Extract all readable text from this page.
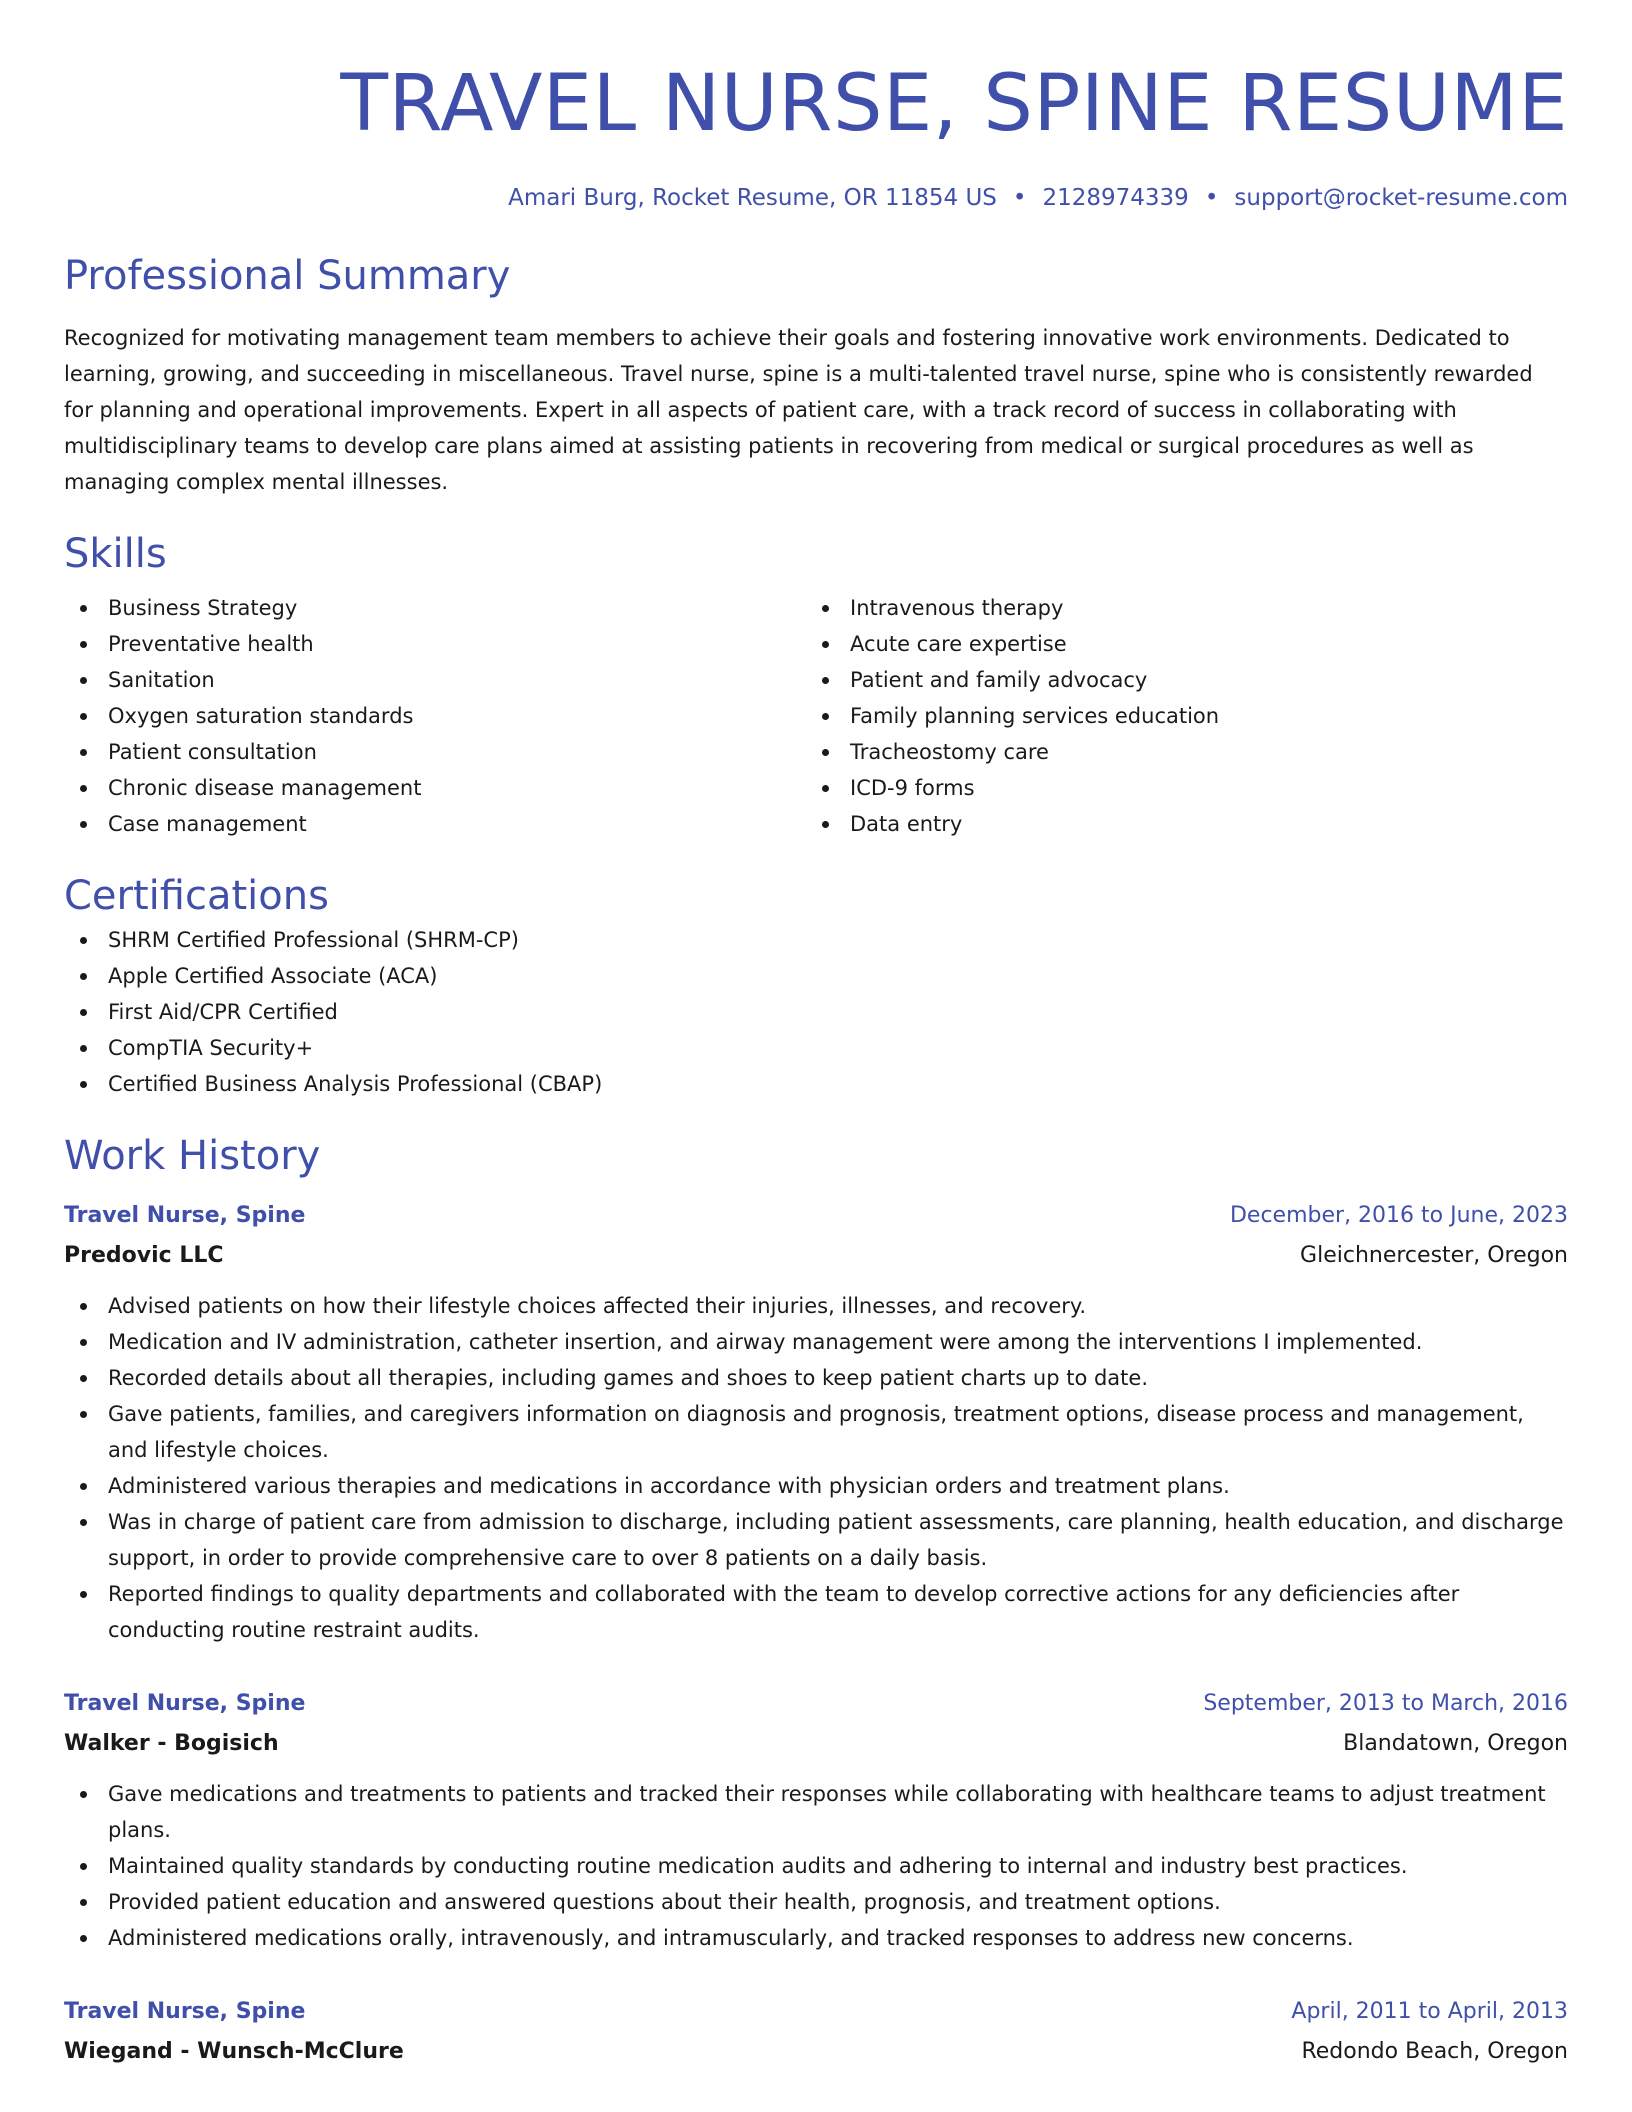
TRAVEL NURSE, SPINE RESUME
Amari Burg, Rocket Resume, OR 11854 US • 2128974339 • support@rocket-resume.com
Professional Summary
Recognized for motivating management team members to achieve their goals and fostering innovative work environments. Dedicated to learning, growing, and succeeding in miscellaneous. Travel nurse, spine is a multi-talented travel nurse, spine who is consistently rewarded for planning and operational improvements. Expert in all aspects of patient care, with a track record of success in collaborating with multidisciplinary teams to develop care plans aimed at assisting patients in recovering from medical or surgical procedures as well as managing complex mental illnesses.
Skills
Business Strategy
Preventative health
Sanitation
Oxygen saturation standards
Patient consultation
Chronic disease management
Case management
Intravenous therapy
Acute care expertise
Patient and family advocacy
Family planning services education
Tracheostomy care
ICD-9 forms
Data entry
Certifications
SHRM Certified Professional (SHRM-CP)
Apple Certified Associate (ACA)
First Aid/CPR Certified
CompTIA Security+
Certified Business Analysis Professional (CBAP)
Work History
Travel Nurse, Spine	December, 2016 to June, 2023
Predovic LLC	Gleichnercester, Oregon
Advised patients on how their lifestyle choices affected their injuries, illnesses, and recovery.
Medication and IV administration, catheter insertion, and airway management were among the interventions I implemented.
Recorded details about all therapies, including games and shoes to keep patient charts up to date.
Gave patients, families, and caregivers information on diagnosis and prognosis, treatment options, disease process and management, and lifestyle choices.
Administered various therapies and medications in accordance with physician orders and treatment plans.
Was in charge of patient care from admission to discharge, including patient assessments, care planning, health education, and discharge support, in order to provide comprehensive care to over 8 patients on a daily basis.
Reported findings to quality departments and collaborated with the team to develop corrective actions for any deficiencies after conducting routine restraint audits.
Travel Nurse, Spine	September, 2013 to March, 2016
Walker - Bogisich	Blandatown, Oregon
Gave medications and treatments to patients and tracked their responses while collaborating with healthcare teams to adjust treatment plans.
Maintained quality standards by conducting routine medication audits and adhering to internal and industry best practices.
Provided patient education and answered questions about their health, prognosis, and treatment options.
Administered medications orally, intravenously, and intramuscularly, and tracked responses to address new concerns.
Travel Nurse, Spine	April, 2011 to April, 2013
Wiegand - Wunsch-McClure	Redondo Beach, Oregon
